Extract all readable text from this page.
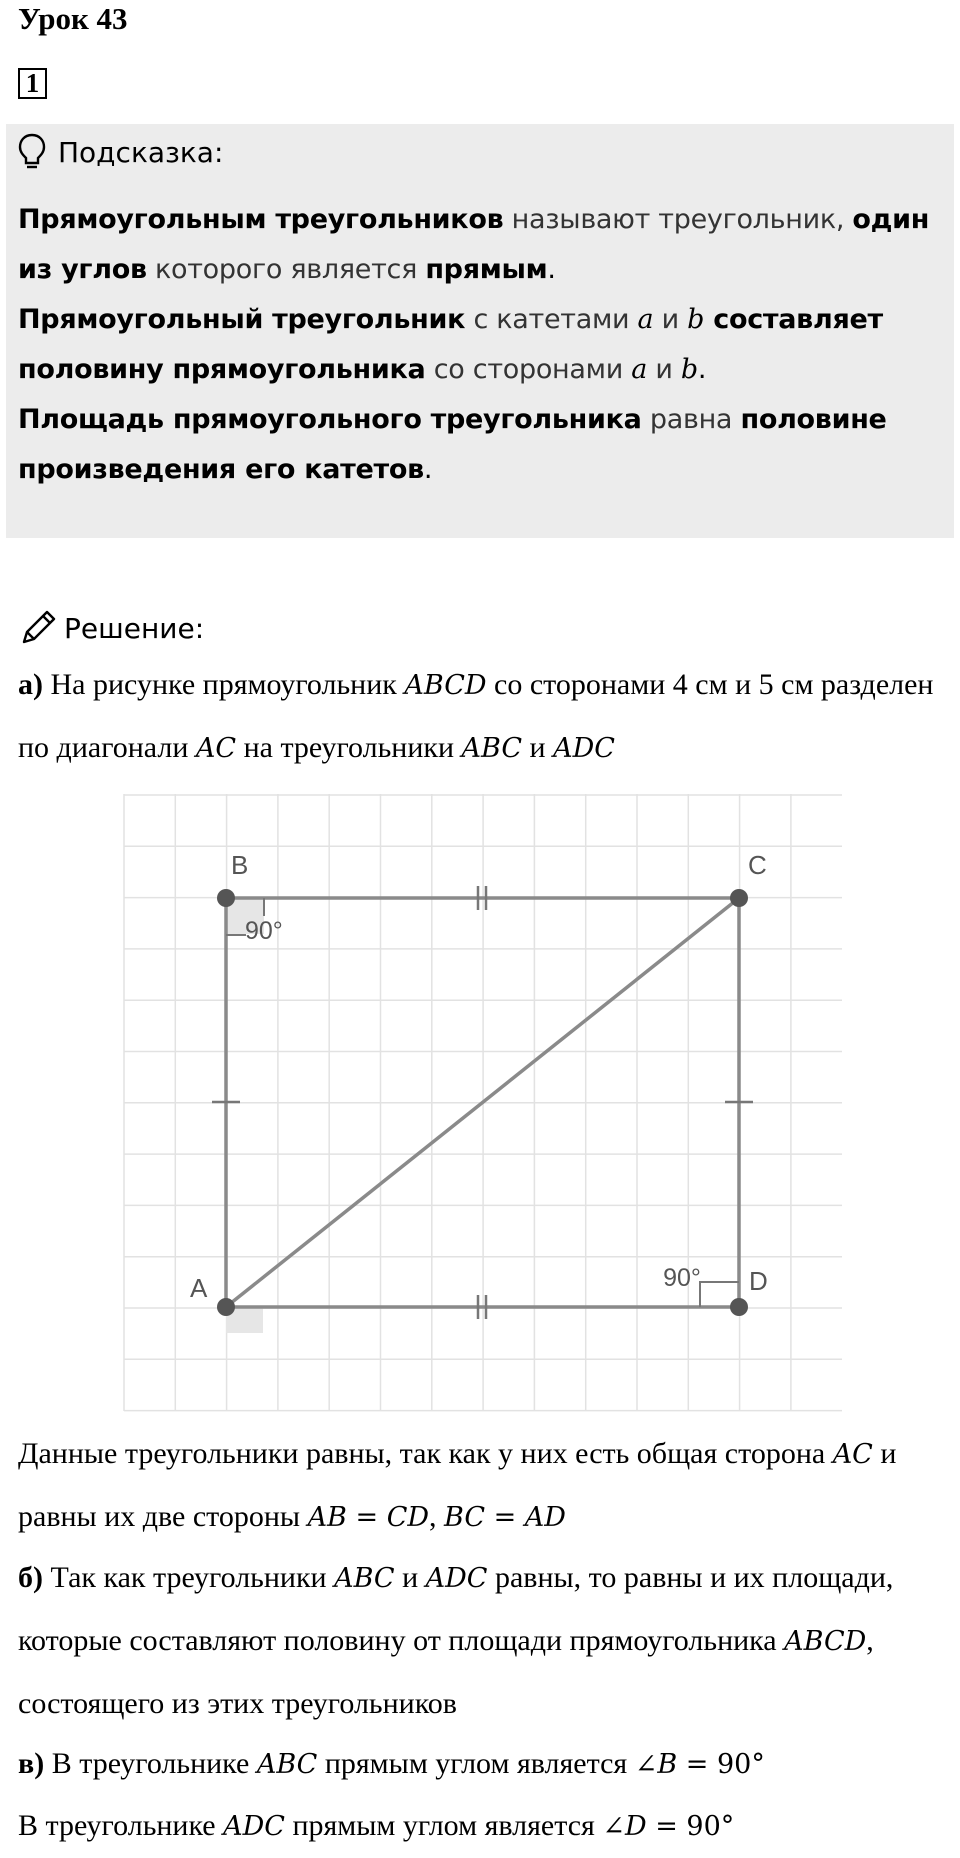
Урок 43
1
Подсказка:
Прямоугольным треугольников называют треугольник, один из углов которого является прямым.
Прямоугольный треугольник с катетами a и b составляет половину прямоугольника со сторонами a и b.
Площадь прямоугольного треугольника равна половине произведения его катетов.
Решение:
а) На рисунке прямоугольник ABCD со сторонами 4 см и 5 см разделен по диагонали AC на треугольники ABC и ADC
B	C
A	D
90°
90°
Данные треугольники равны, так как у них есть общая сторона AC и равны их две стороны AB = CD, BC = AD
б) Так как треугольники ABC и ADC равны, то равны и их площади, которые составляют половину от площади прямоугольника ABCD, состоящего из этих треугольников
в) В треугольнике ABC прямым углом является ∠B = 90°
В треугольнике ADC прямым углом является ∠D = 90°
